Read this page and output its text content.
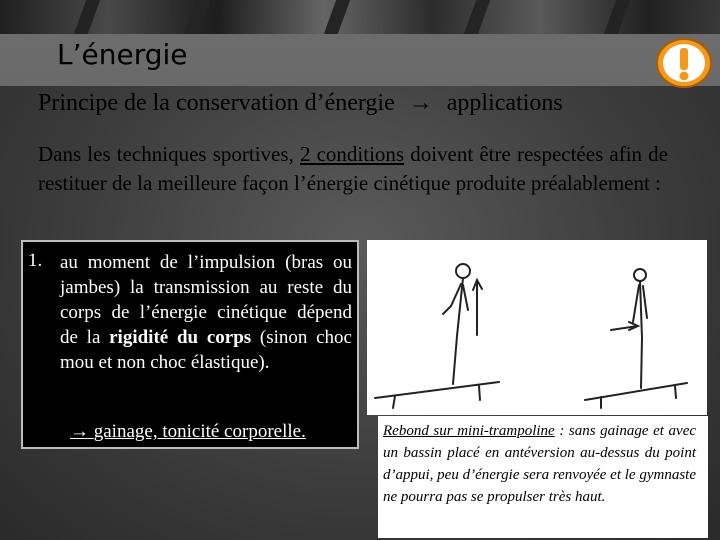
L’énergie
Principe de la conservation d’énergie → applications
Dans les techniques sportives, 2 conditions doivent être respectées afin de restituer de la meilleure façon l’énergie cinétique produite préalablement :
1. au moment de l’impulsion (bras ou jambes) la transmission au reste du corps de l’énergie cinétique dépend de la rigidité du corps (sinon choc mou et non choc élastique).
→ gainage, tonicité corporelle.	Rebond sur mini-trampoline : sans gainage et avec un bassin placé en antéversion au-dessus du point d’appui, peu d’énergie sera renvoyée et le gymnaste ne pourra pas se propulser très haut.
